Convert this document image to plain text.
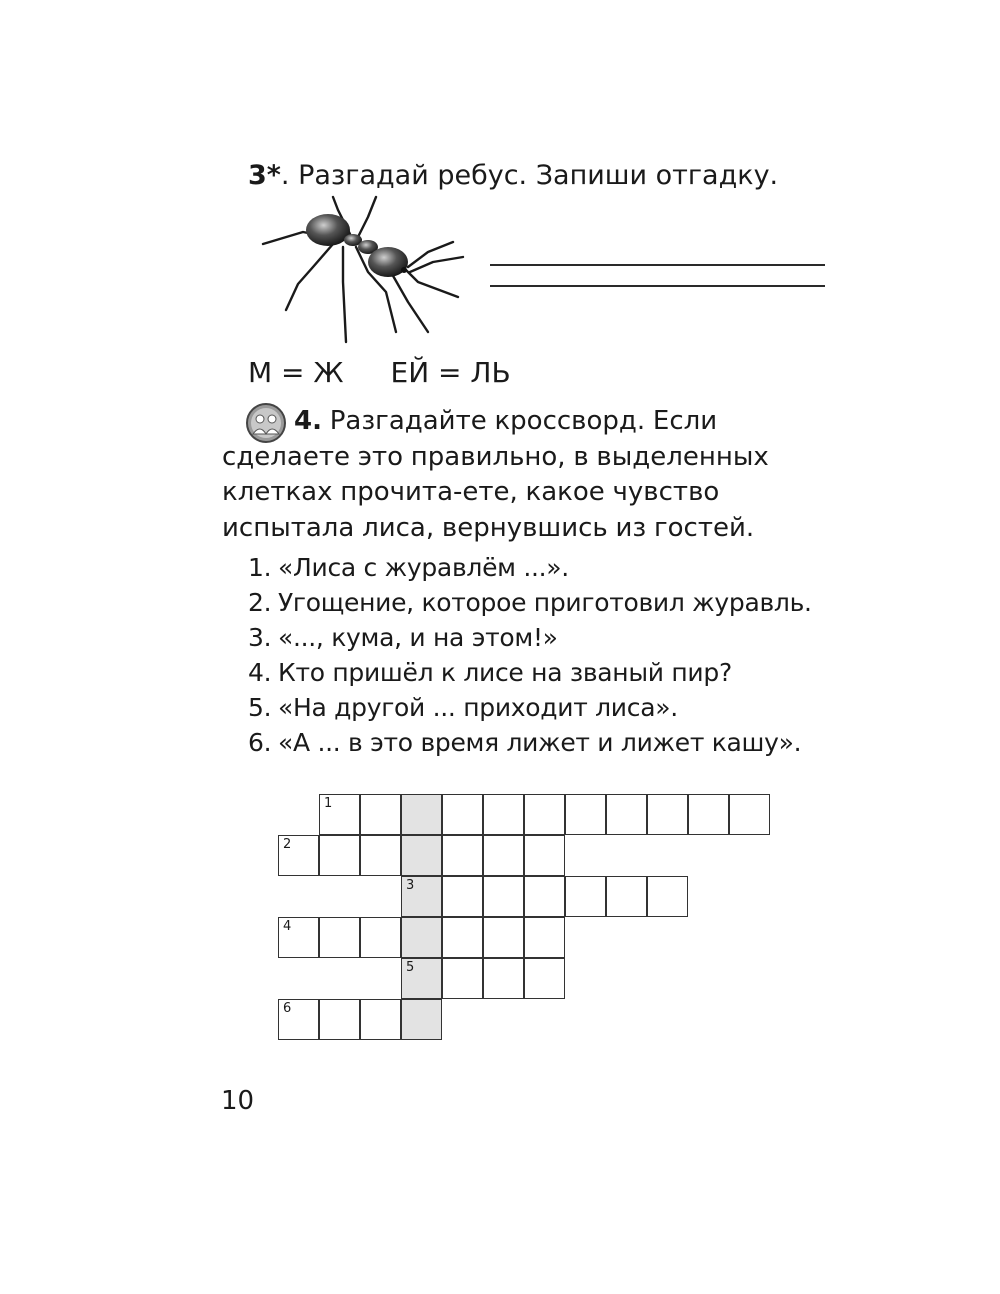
3*. Разгадай ребус. Запиши отгадку.
М = Ж ЕЙ = ЛЬ

4. Разгадайте кроссворд. Если сделаете это правильно, в выделенных клетках прочита-ете, какое чувство испытала лиса, вернувшись из гостей.

1. «Лиса с журавлём ...».
2. Угощение, которое приготовил журавль.
3. «..., кума, и на этом!»
4. Кто пришёл к лисе на званый пир?
5. «На другой ... приходит лиса».
6. «А ... в это время лижет и лижет кашу».
1
2
3
4
5
6
10
